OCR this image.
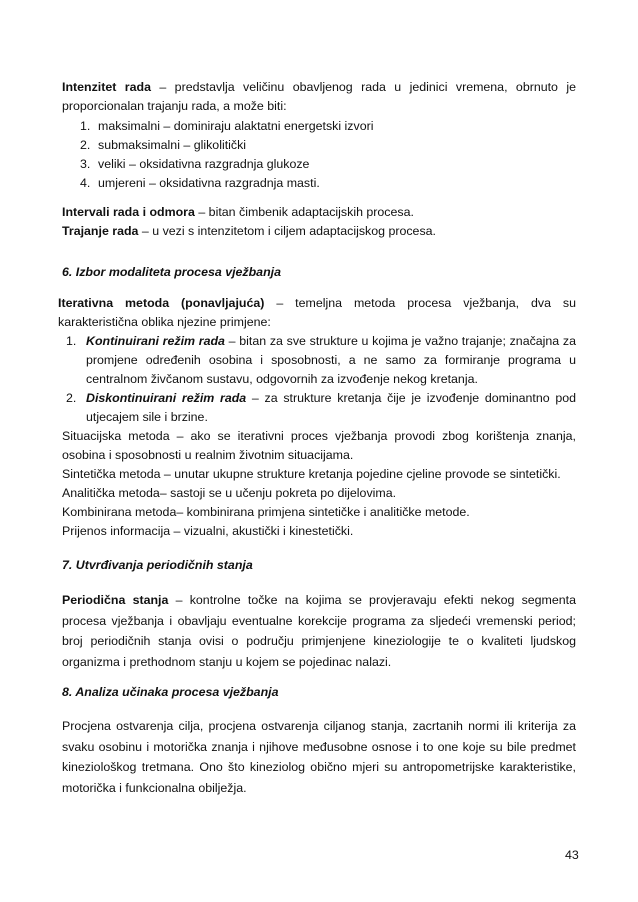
Intenzitet rada – predstavlja veličinu obavljenog rada u jedinici vremena, obrnuto je proporcionalan trajanju rada, a može biti:
1. maksimalni – dominiraju alaktatni energetski izvori
2. submaksimalni – glikolitički
3. veliki – oksidativna razgradnja glukoze
4. umjereni – oksidativna razgradnja masti.
Intervali rada i odmora – bitan čimbenik adaptacijskih procesa.
Trajanje rada – u vezi s intenzitetom i ciljem adaptacijskog procesa.
6. Izbor modaliteta procesa vježbanja
Iterativna metoda (ponavljajuća) – temeljna metoda procesa vježbanja, dva su karakteristična oblika njezine primjene:
1. Kontinuirani režim rada – bitan za sve strukture u kojima je važno trajanje; značajna za promjene određenih osobina i sposobnosti, a ne samo za formiranje programa u centralnom živčanom sustavu, odgovornih za izvođenje nekog kretanja.
2. Diskontinuirani režim rada – za strukture kretanja čije je izvođenje dominantno pod utjecajem sile i brzine.
Situacijska metoda – ako se iterativni proces vježbanja provodi zbog korištenja znanja, osobina i sposobnosti u realnim životnim situacijama.
Sintetička metoda – unutar ukupne strukture kretanja pojedine cjeline provode se sintetički.
Analitička metoda– sastoji se u učenju pokreta po dijelovima.
Kombinirana metoda– kombinirana primjena sintetičke i analitičke metode.
Prijenos informacija – vizualni, akustički i kinestetički.
7. Utvrđivanja periodičnih stanja
Periodična stanja – kontrolne točke na kojima se provjeravaju efekti nekog segmenta procesa vježbanja i obavljaju eventualne korekcije programa za sljedeći vremenski period; broj periodičnih stanja ovisi o području primjenjene kineziologije te o kvaliteti ljudskog organizma i prethodnom stanju u kojem se pojedinac nalazi.
8. Analiza učinaka procesa vježbanja
Procjena ostvarenja cilja, procjena ostvarenja ciljanog stanja, zacrtanih normi ili kriterija za svaku osobinu i motorička znanja i njihove međusobne osnose i to one koje su bile predmet kineziološkog tretmana. Ono što kineziolog obično mjeri su antropometrijske karakteristike, motorička i funkcionalna obilježja.
43
